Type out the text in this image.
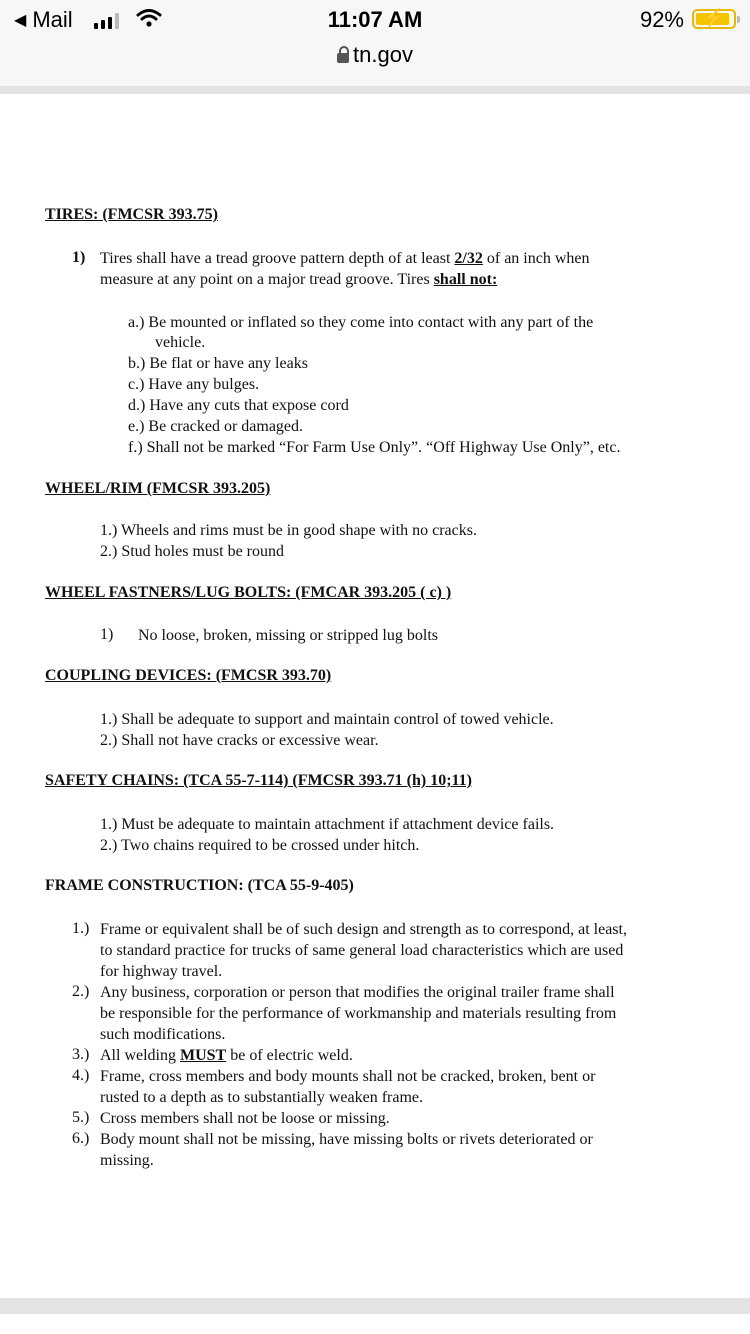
◀ Mail	11:07 AM
tn.gov
92%	⚡
TIRES: (FMCSR 393.75)
1) Tires shall have a tread groove pattern depth of at least 2/32 of an inch when
measure at any point on a major tread groove. Tires shall not:
a.) Be mounted or inflated so they come into contact with any part of the
vehicle.
b.) Be flat or have any leaks
c.) Have any bulges.
d.) Have any cuts that expose cord
e.) Be cracked or damaged.
f.) Shall not be marked “For Farm Use Only”. “Off Highway Use Only”, etc.
WHEEL/RIM (FMCSR 393.205)
1.) Wheels and rims must be in good shape with no cracks.
2.) Stud holes must be round
WHEEL FASTNERS/LUG BOLTS: (FMCAR 393.205 ( c) )
1) No loose, broken, missing or stripped lug bolts
COUPLING DEVICES: (FMCSR 393.70)
1.) Shall be adequate to support and maintain control of towed vehicle.
2.) Shall not have cracks or excessive wear.
SAFETY CHAINS: (TCA 55-7-114) (FMCSR 393.71 (h) 10;11)
1.) Must be adequate to maintain attachment if attachment device fails.
2.) Two chains required to be crossed under hitch.
FRAME CONSTRUCTION: (TCA 55-9-405)
1.) Frame or equivalent shall be of such design and strength as to correspond, at least,
to standard practice for trucks of same general load characteristics which are used
for highway travel.
2.) Any business, corporation or person that modifies the original trailer frame shall
be responsible for the performance of workmanship and materials resulting from
such modifications.
3.) All welding MUST be of electric weld.
4.) Frame, cross members and body mounts shall not be cracked, broken, bent or
rusted to a depth as to substantially weaken frame.
5.) Cross members shall not be loose or missing.
6.) Body mount shall not be missing, have missing bolts or rivets deteriorated or
missing.
